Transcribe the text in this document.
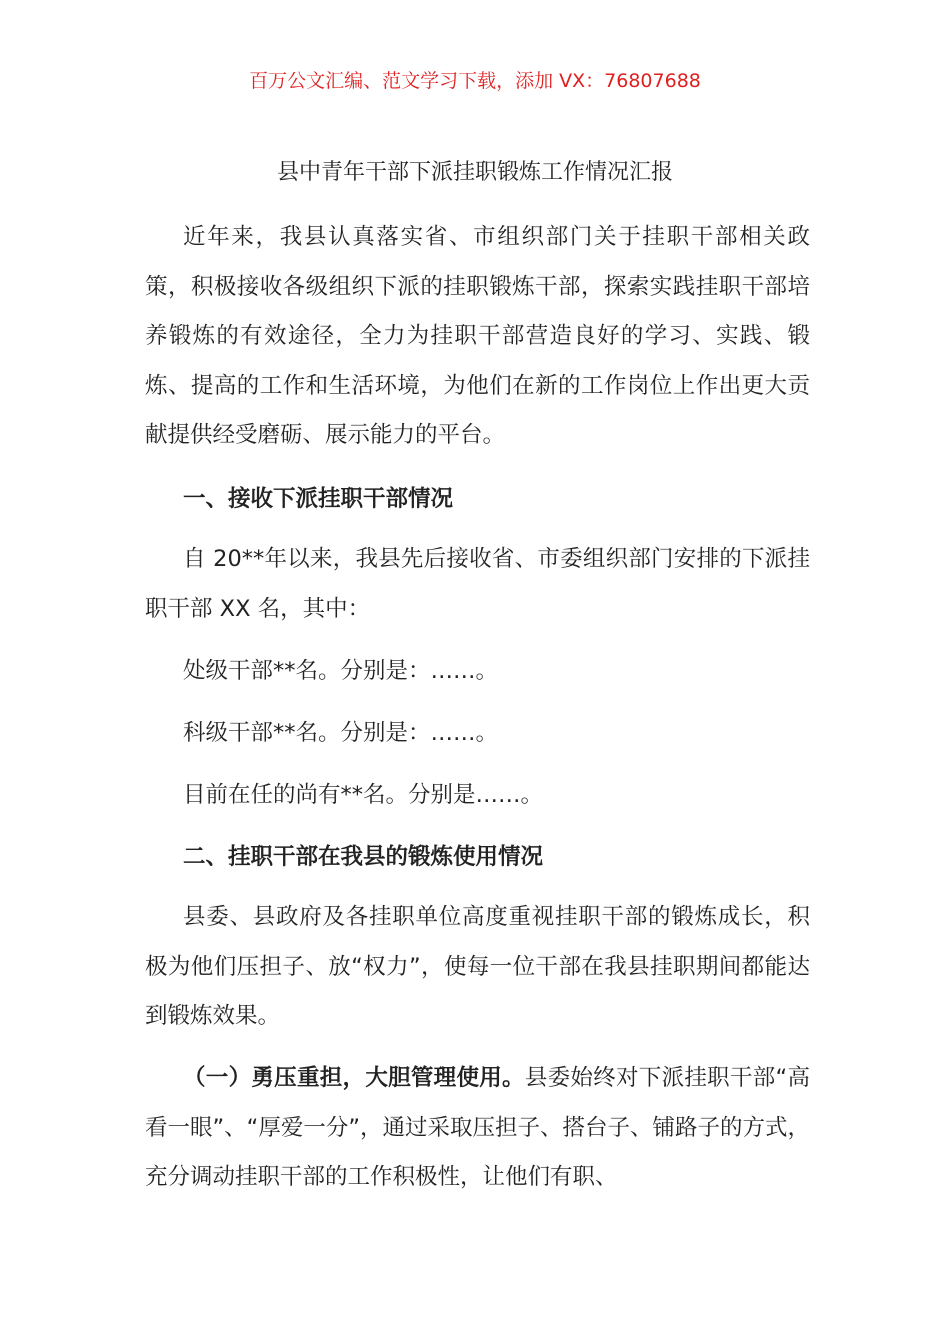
百万公文汇编、范文学习下载，添加 VX：76807688
县中青年干部下派挂职锻炼工作情况汇报

近年来，我县认真落实省、市组织部门关于挂职干部相关政策，积极接收各级组织下派的挂职锻炼干部，探索实践挂职干部培养锻炼的有效途径，全力为挂职干部营造良好的学习、实践、锻炼、提高的工作和生活环境，为他们在新的工作岗位上作出更大贡献提供经受磨砺、展示能力的平台。

一、接收下派挂职干部情况

自 20**年以来，我县先后接收省、市委组织部门安排的下派挂职干部 XX 名，其中：

处级干部**名。分别是：……。
科级干部**名。分别是：……。
目前在任的尚有**名。分别是……。
二、挂职干部在我县的锻炼使用情况

县委、县政府及各挂职单位高度重视挂职干部的锻炼成长，积极为他们压担子、放“权力”，使每一位干部在我县挂职期间都能达到锻炼效果。

（一）勇压重担，大胆管理使用。县委始终对下派挂职干部“高看一眼”、“厚爱一分”，通过采取压担子、搭台子、铺路子的方式，充分调动挂职干部的工作积极性，让他们有职、
